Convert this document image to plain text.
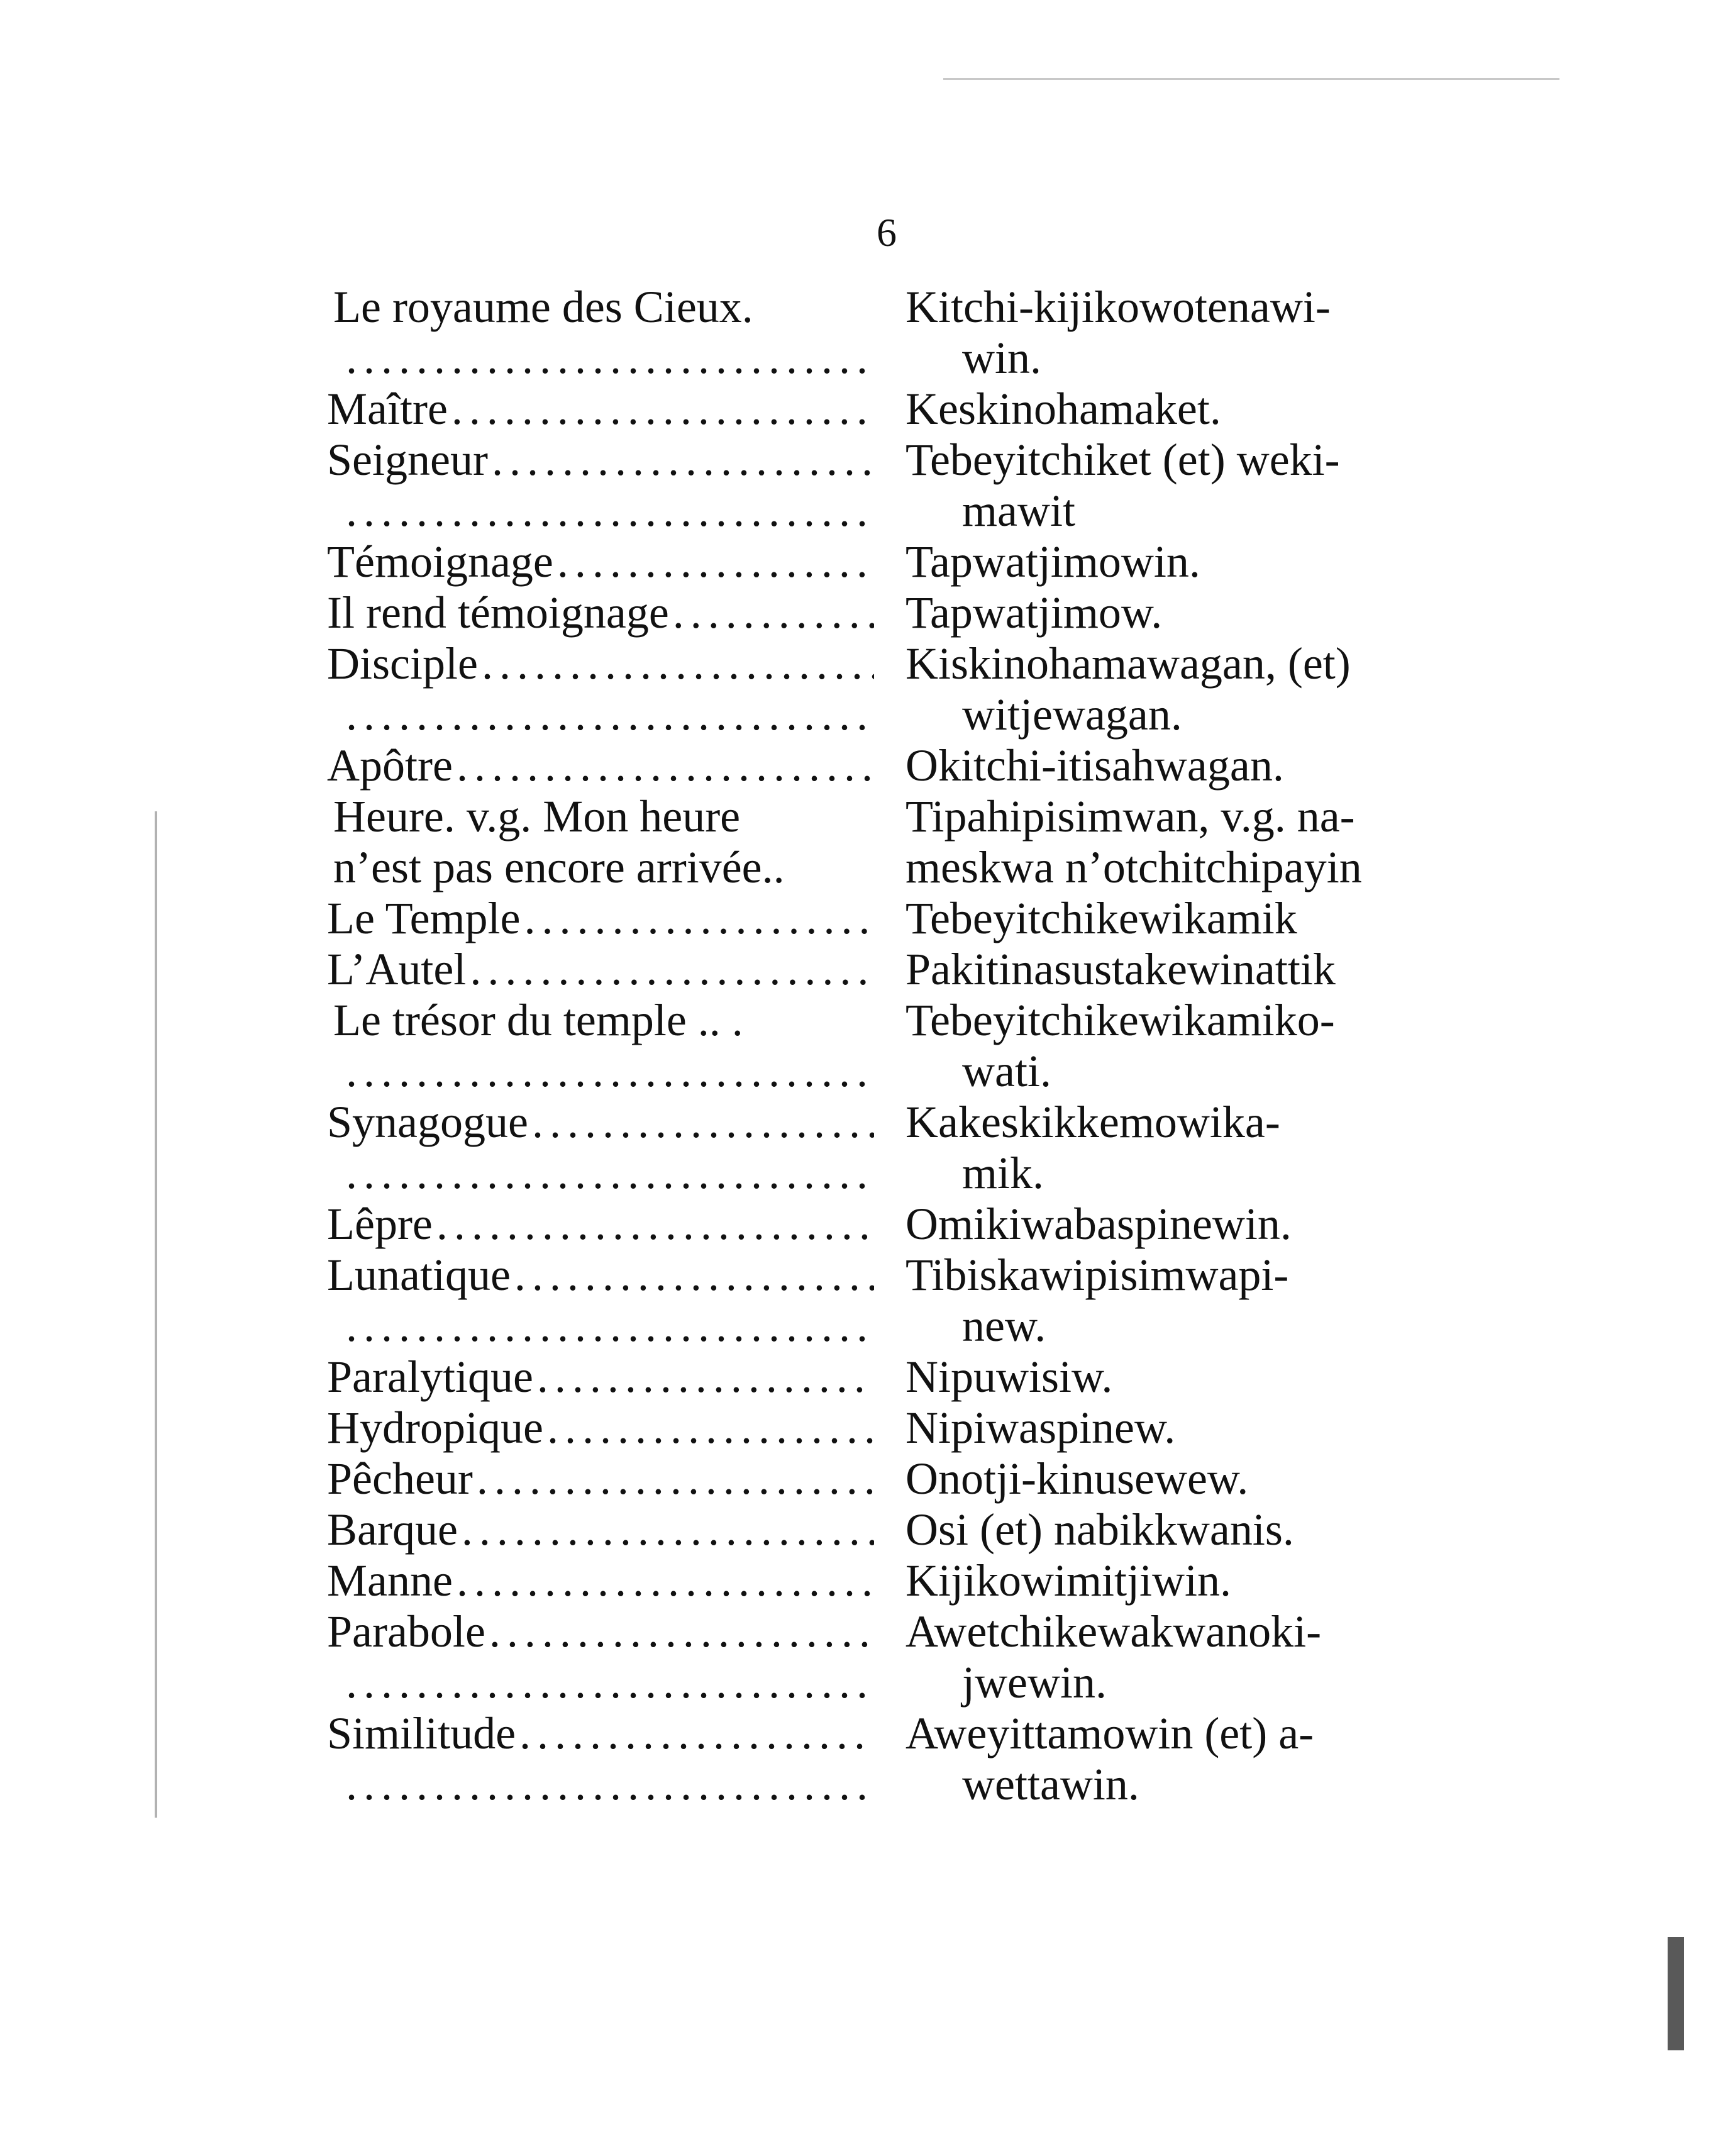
6
Le royaume des Cieux.	Kitchi-kijikowotenawi-
.....
win.
Maître .....	Keskinohamaket.
Seigneur .....	Tebeyitchiket (et) weki-
.....
mawit
Témoignage .....	Tapwatjimowin.
Il rend témoignage .....	Tapwatjimow.
Disciple .....	Kiskinohamawagan, (et)
.....
witjewagan.
Apôtre .....	Okitchi-itisahwagan.
Heure. v.g. Mon heure	Tipahipisimwan, v.g. na-
n’est pas encore arrivée..	meskwa n’otchitchipayin
Le Temple .....	Tebeyitchikewikamik
L’Autel .....	Pakitinasustakewinattik
Le trésor du temple .. .	Tebeyitchikewikamiko-
.....
wati.
Synagogue .....	Kakeskikkemowika-
.....
mik.
Lêpre .....	Omikiwabaspinewin.
Lunatique .....	Tibiskawipisimwapi-
.....
new.
Paralytique .....	Nipuwisiw.
Hydropique .....	Nipiwaspinew.
Pêcheur .....	Onotji-kinusewew.
Barque .....	Osi (et) nabikkwanis.
Manne .....	Kijikowimitjiwin.
Parabole .....	Awetchikewakwanoki-
.....
jwewin.
Similitude .....	Aweyittamowin (et) a-
.....
wettawin.
